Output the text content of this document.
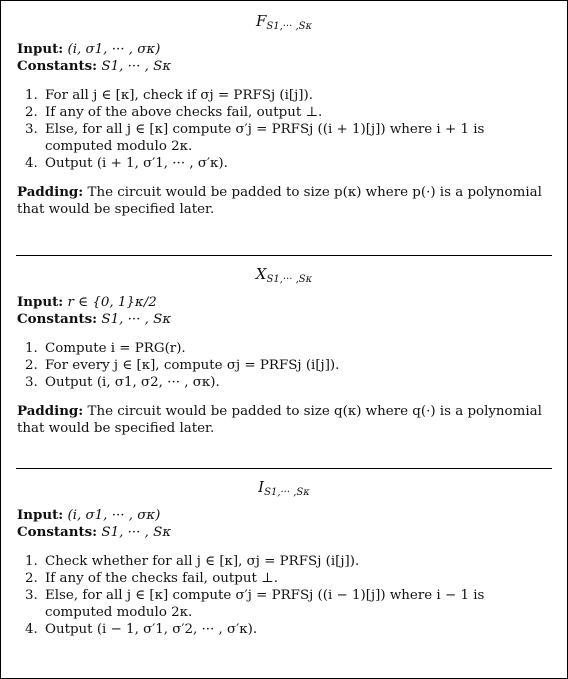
$F_{S1,\cdot\cdot\cdot ,S\kappa}$
Input: (i, σ1, ··· , σκ)
Constants: S1, ··· , Sκ
1. For all j ∈ [κ], check if σj = PRFSj (i[j]).
2. If any of the above checks fail, output ⊥.
3. Else, for all j ∈ [κ] compute σ′j = PRFSj ((i + 1)[j]) where i + 1 is computed modulo 2κ.
4. Output (i + 1, σ′1, ··· , σ′κ).
Padding: The circuit would be padded to size p(κ) where p(·) is a polynomial that would be specified later.
$X_{S1,\cdot\cdot\cdot ,S\kappa}$
Input: r ∈ {0, 1}κ/2
Constants: S1, ··· , Sκ
1. Compute i = PRG(r).
2. For every j ∈ [κ], compute σj = PRFSj (i[j]).
3. Output (i, σ1, σ2, ··· , σκ).
Padding: The circuit would be padded to size q(κ) where q(·) is a polynomial that would be specified later.
$I_{S1,\cdot\cdot\cdot ,S\kappa}$
Input: (i, σ1, ··· , σκ)
Constants: S1, ··· , Sκ
1. Check whether for all j ∈ [κ], σj = PRFSj (i[j]).
2. If any of the checks fail, output ⊥.
3. Else, for all j ∈ [κ] compute σ′j = PRFSj ((i − 1)[j]) where i − 1 is computed modulo 2κ.
4. Output (i − 1, σ′1, σ′2, ··· , σ′κ).
